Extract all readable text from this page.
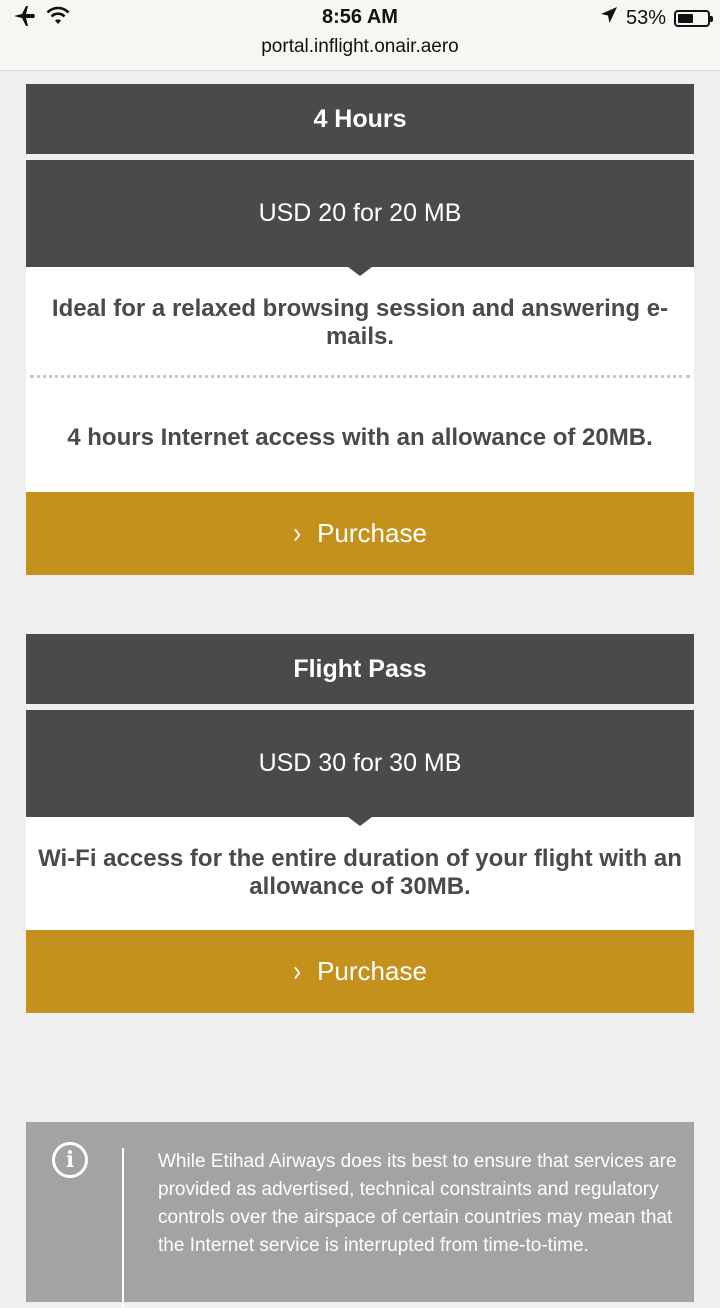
8:56 AM	53%
portal.inflight.onair.aero
4 Hours
USD 20 for 20 MB
Ideal for a relaxed browsing session and answering e-mails.
4 hours Internet access with an allowance of 20MB.
› Purchase
Flight Pass
USD 30 for 30 MB
Wi-Fi access for the entire duration of your flight with an allowance of 30MB.
› Purchase
i	While Etihad Airways does its best to ensure that services are provided as advertised, technical constraints and regulatory controls over the airspace of certain countries may mean that the Internet service is interrupted from time-to-time.
